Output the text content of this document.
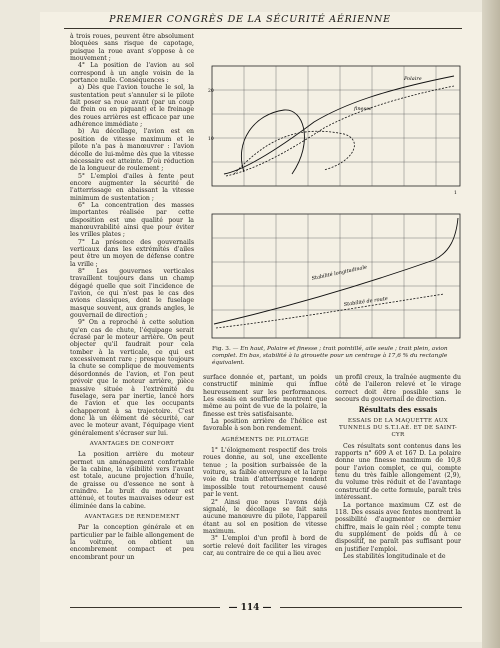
PREMIER CONGRÈS DE LA SÉCURITÉ AÉRIENNE

à trois roues, peuvent être absolument bloquées sans risque de capotage, puisque la roue avant s'oppose à ce mouvement ;

4° La position de l'avion au sol correspond à un angle voisin de la portance nulle. Conséquences :

a) Dès que l'avion touche le sol, la sustentation peut s'annuler si le pilote fait poser sa roue avant (par un coup de frein ou en piquant) et le freinage des roues arrières est efficace par une adhérence immédiate ;

b) Au décollage, l'avion est en position de vitesse maximum et le pilote n'a pas à manœuvrer : l'avion décolle de lui-même dès que la vitesse nécessaire est atteinte. D'où réduction de la longueur de roulement ;

5° L'emploi d'ailes à fente peut encore augmenter la sécurité de l'atterrissage en abaissant la vitesse minimum de sustentation ;

6° La concentration des masses importantes réalisée par cette disposition est une qualité pour la manœuvrabilité ainsi que pour éviter les vrilles plates ;

7° La présence des gouvernails verticaux dans les extrémités d'ailes peut être un moyen de défense contre la vrille ;

8° Les gouvernes verticales travaillent toujours dans un champ dégagé quelle que soit l'incidence de l'avion, ce qui n'est pas le cas des avions classiques, dont le fuselage masque souvent, aux grands angles, le gouvernail de direction ;

9° On a reproché à cette solution qu'en cas de chute, l'équipage serait écrasé par le moteur arrière. On peut objecter qu'il faudrait pour cela tomber à la verticale, ce qui est excessivement rare ; presque toujours la chute se complique de mouvements désordonnés de l'avion, et l'on peut prévoir que le moteur arrière, pièce massive située à l'extrémité du fuselage, sera par inertie, lancé hors de l'avion et que les occupants échapperont à sa trajectoire. C'est donc là un élément de sécurité, car avec le moteur avant, l'équipage vient généralement s'écraser sur lui.

AVANTAGES DE CONFORT

La position arrière du moteur permet un aménagement confortable de la cabine, la visibilité vers l'avant est totale, aucune projection d'huile, de graisse ou d'essence ne sont à craindre. Le bruit du moteur est atténué, et toutes mauvaises odeur est éliminée dans la cabine.

AVANTAGES DE RENDEMENT

Par la conception générale et en particulier par le faible allongement de la voiture, on obtient un encombrement compact et peu encombrant pour un

Polaire
finesse
20
10
1
Stabilité longitudinale
Stabilité de route
Fig. 3. — En haut, Polaire et finesse ; trait pointillé, aile seule ; trait plein, avion complet. En bas, stabilité à la girouette pour un centrage à 17,6 % du rectangle équivalent.

surface donnée et, partant, un poids constructif minime qui influe heureusement sur les performances. Les essais en soufflerie montrent que même au point de vue de la polaire, la finesse est très satisfaisante.

La position arrière de l'hélice est favorable à son bon rendement.

AGRÉMENTS DE PILOTAGE

1° L'éloignement respectif des trois roues donne, au sol, une excellente tenue ; la position surbaissée de la voiture, sa faible envergure et la large voie du train d'atterrissage rendent impossible tout retournement causé par le vent.

2° Ainsi que nous l'avons déjà signalé, le décollage se fait sans aucune manœuvre du pilote, l'appareil étant au sol en position de vitesse maximum.

3° L'emploi d'un profil à bord de sortie relevé doit faciliter les virages car, au contraire de ce qui a lieu avec

un profil creux, la traînée augmente du côté de l'aileron relevé et le virage correct doit être possible sans le secours du gouvernail de direction.

Résultats des essais

ESSAIS DE LA MAQUETTE AUX TUNNELS DU S.T.I.AÉ. ET DE SAINT-CYR

Ces résultats sont contenus dans les rapports n° 609 A et 167 D. La polaire donne une finesse maximum de 10,8 pour l'avion complet, ce qui, compte tenu du très faible allongement (2,9), du volume très réduit et de l'avantage constructif de cette formule, paraît très intéressant.

La portance maximum CZ est de 118. Des essais avec fentes montrent la possibilité d'augmenter ce dernier chiffre, mais le gain réel ; compte tenu du supplément de poids dû à ce dispositif, ne paraît pas suffisant pour en justifier l'emploi.

Les stabilités longitudinale et de

— 114 —
